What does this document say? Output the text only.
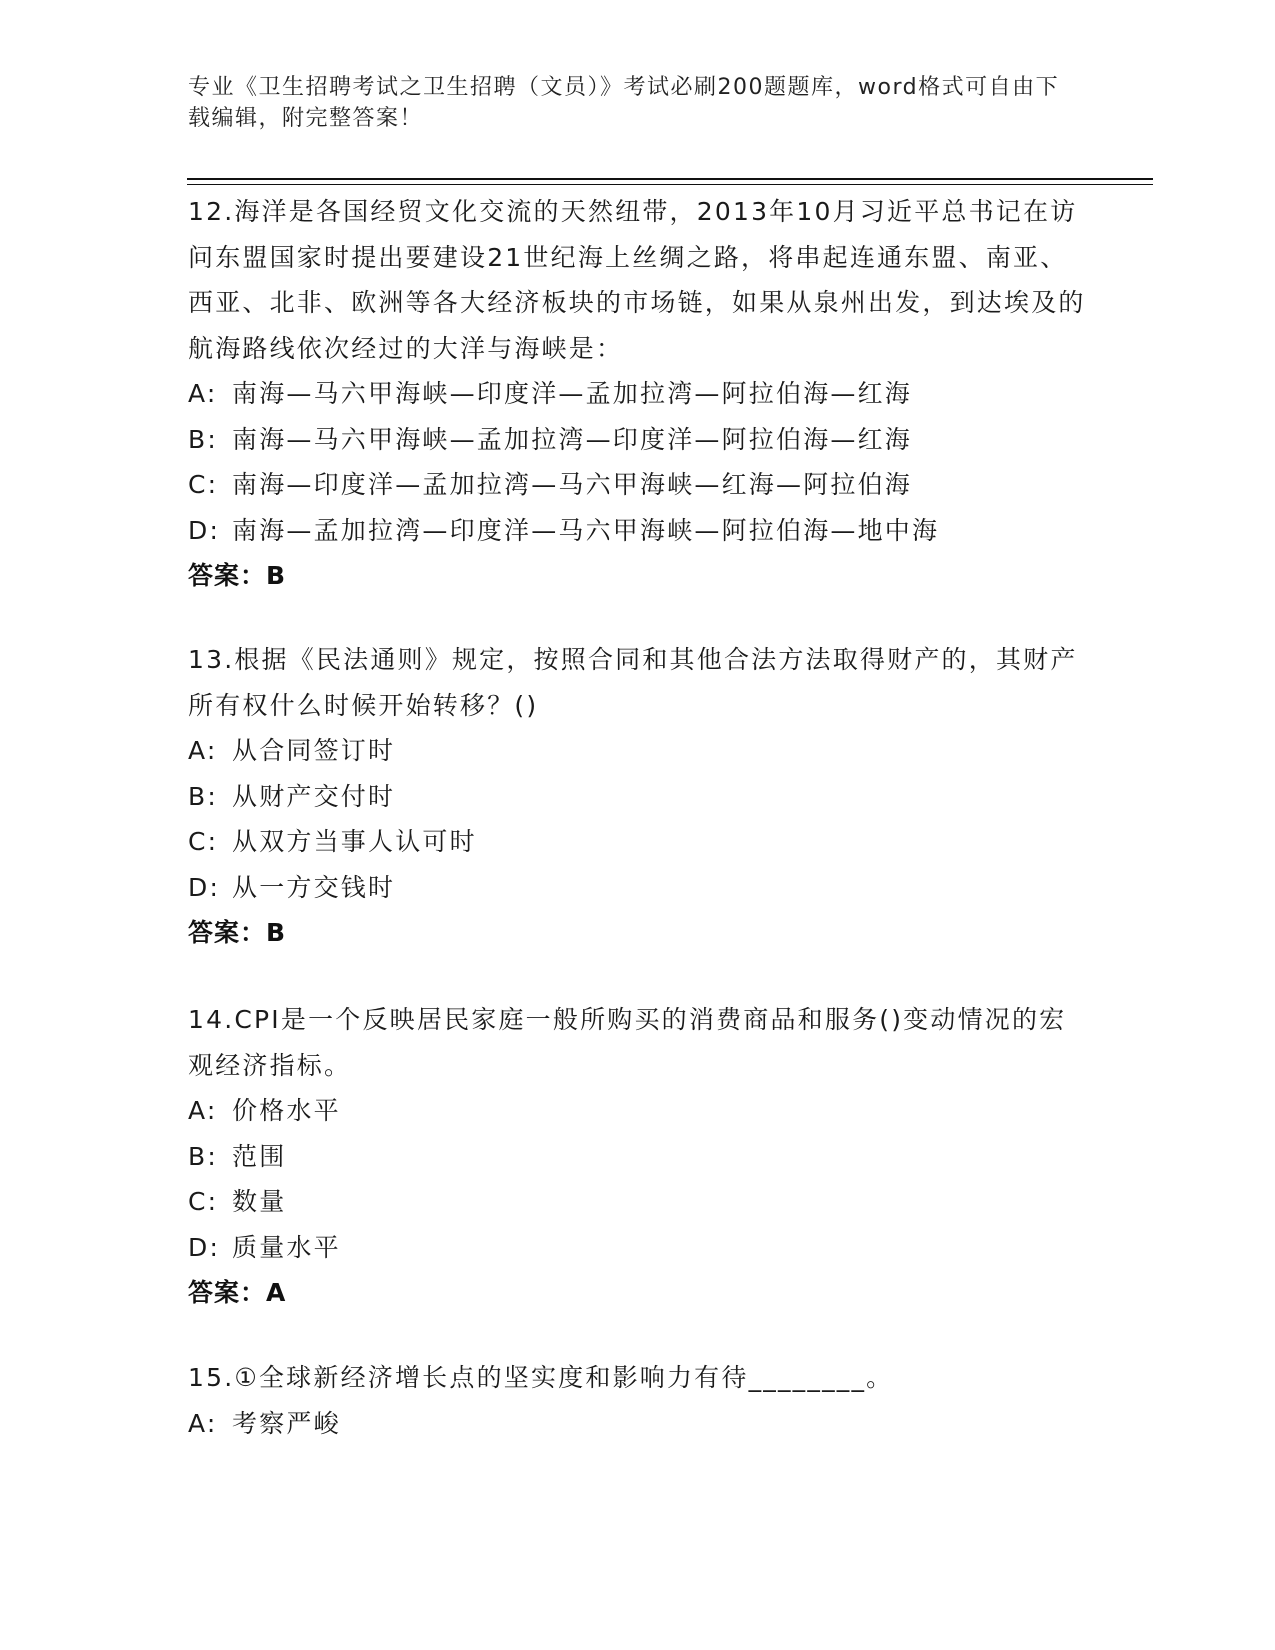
专业《卫生招聘考试之卫生招聘（文员）》考试必刷200题题库，word格式可自由下载编辑，附完整答案！
12.海洋是各国经贸文化交流的天然纽带，2013年10月习近平总书记在访问东盟国家时提出要建设21世纪海上丝绸之路，将串起连通东盟、南亚、西亚、北非、欧洲等各大经济板块的市场链，如果从泉州出发，到达埃及的航海路线依次经过的大洋与海峡是：
A: 南海—马六甲海峡—印度洋—孟加拉湾—阿拉伯海—红海
B: 南海—马六甲海峡—孟加拉湾—印度洋—阿拉伯海—红海
C: 南海—印度洋—孟加拉湾—马六甲海峡—红海—阿拉伯海
D: 南海—孟加拉湾—印度洋—马六甲海峡—阿拉伯海—地中海
答案：B
13.根据《民法通则》规定，按照合同和其他合法方法取得财产的，其财产所有权什么时候开始转移？()
A: 从合同签订时
B: 从财产交付时
C: 从双方当事人认可时
D: 从一方交钱时
答案：B
14.CPI是一个反映居民家庭一般所购买的消费商品和服务()变动情况的宏观经济指标。
A: 价格水平
B: 范围
C: 数量
D: 质量水平
答案：A
15.①全球新经济增长点的坚实度和影响力有待________。
A: 考察严峻
